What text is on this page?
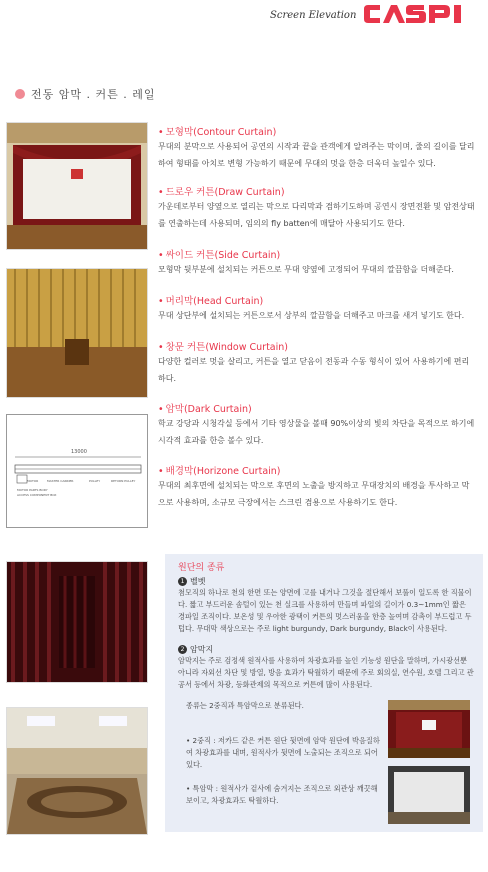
Screen Elevation
전동 암막 . 커튼 . 레일
13000
MOTOR	MASTER CARRIER	PULLEY	RETURN PULLEY
MOTOR PARTS BODY
ACCESS COMPONENT BOX
• 모형막(Contour Curtain)
무대의 분막으로 사용되어 공연의 시작과 끝을 관객에게 알려주는 막이며, 줄의 길이를 달리하여 형태를 아치로 변형 가능하기 때문에 무대의 멋을 한층 더욱더 높일수 있다.
• 드로우 커튼(Draw Curtain)
가운데로부터 양옆으로 열리는 막으로 다리막과 겸하기도하며 공연시 장면전환 및 암전상태를 연출하는데 사용되며, 임의의 fly batten에 매달아 사용되기도 한다.
• 싸이드 커튼(Side Curtain)
모형막 뒷부분에 설치되는 커튼으로 무대 양옆에 고정되어 무대의 깔끔함을 더해준다.
• 머리막(Head Curtain)
무대 상단부에 설치되는 커튼으로서 상부의 깔끔함을 더해주고 마크를 새겨 넣기도 한다.
• 창문 커튼(Window Curtain)
다양한 컬러로 멋을 살리고, 커튼을 열고 닫음이 전동과 수동 형식이 있어 사용하기에 편리하다.
• 암막(Dark Curtain)
학교 강당과 시청각실 등에서 기타 영상물을 볼때 90%이상의 빛의 차단을 목적으로 하기에 시각적 효과를 한층 볼수 있다.
• 배경막(Horizone Curtain)
무대의 최후면에 설치되는 막으로 후면의 노출을 방지하고 무대장치의 배경을 투사하고 막으로 사용하며, 소규모 극장에서는 스크린 겸용으로 사용하기도 한다.
원단의 종류
1 벨벳
첨모직의 하나로 천의 한면 또는 양면에 고를 내거나 그것을 절단해서 보풀이 일도록 한 직물이다. 짧고 부드러운 솜털이 있는 천 실크를 사용하여 만들며 파일의 길이가 0.3~1mm인 짧은 경파일 조직이다. 보온성 및 우아한 광택이 커튼의 멋스러움을 한층 높여며 감촉이 부드럽고 두텁다. 무대막 색상으로는 주로 light burgundy, Dark burgundy, Black이 사용된다.
2 암막지
암막지는 주로 검정색 원적사를 사용하여 차광효과를 높인 기능성 원단을 말하며, 가시광선뿐 아니라 자외선 차단 및 방열, 방음 효과가 탁월하기 때문에 주로 회의실, 연수원, 호텔 그리고 관공서 등에서 차광, 등화관제의 목적으로 커튼에 많이 사용된다.
종류는 2중직과 특암막으로 분류된다.
• 2중직 : 저카드 같은 커튼 원단 뒷면에 암막 원단에 박음질하여 차광효과를 내며, 원적사가 뒷면에 노출되는 조직으로 되어있다.
• 특암막 : 원적사가 겉사에 숨겨지는 조직으로 외관상 깨끗해 보이고, 차광효과도 탁월하다.
